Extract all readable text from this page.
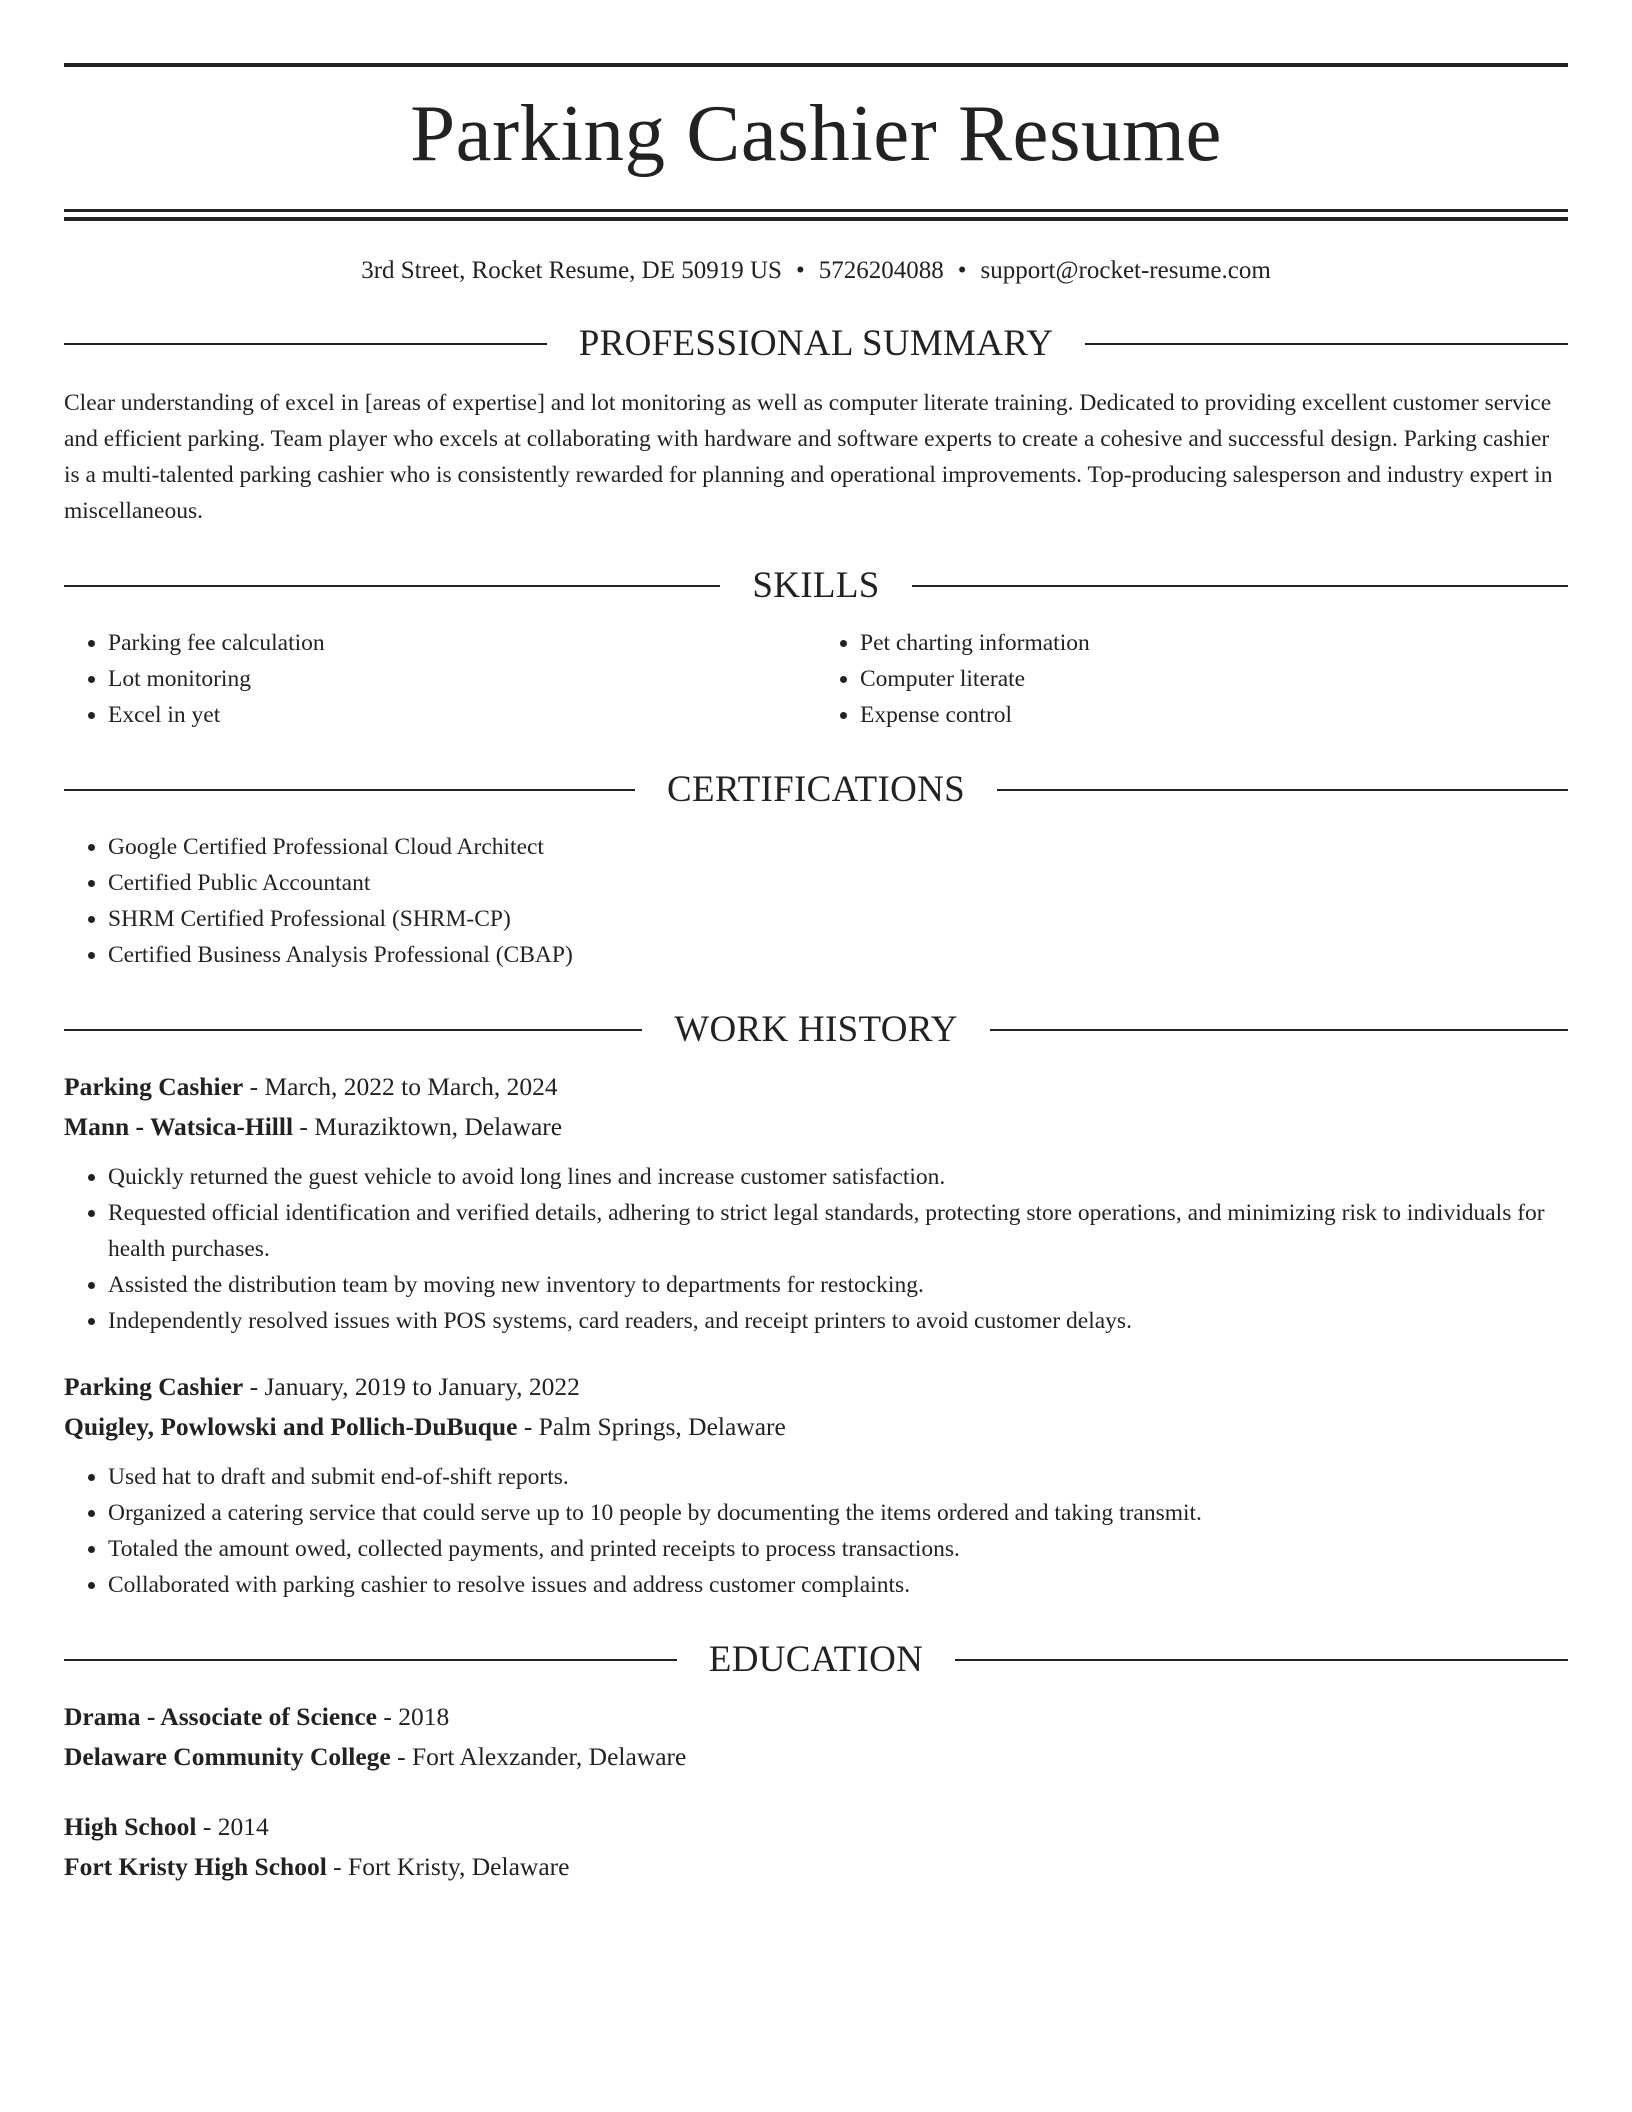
Parking Cashier Resume
3rd Street, Rocket Resume, DE 50919 US • 5726204088 • support@rocket-resume.com
PROFESSIONAL SUMMARY
Clear understanding of excel in [areas of expertise] and lot monitoring as well as computer literate training. Dedicated to providing excellent customer service and efficient parking. Team player who excels at collaborating with hardware and software experts to create a cohesive and successful design. Parking cashier is a multi-talented parking cashier who is consistently rewarded for planning and operational improvements. Top-producing salesperson and industry expert in miscellaneous.
SKILLS
• Parking fee calculation
• Lot monitoring
• Excel in yet
• Pet charting information
• Computer literate
• Expense control
CERTIFICATIONS
• Google Certified Professional Cloud Architect
• Certified Public Accountant
• SHRM Certified Professional (SHRM-CP)
• Certified Business Analysis Professional (CBAP)
WORK HISTORY
Parking Cashier - March, 2022 to March, 2024
Mann - Watsica-Hilll - Muraziktown, Delaware
• Quickly returned the guest vehicle to avoid long lines and increase customer satisfaction.
• Requested official identification and verified details, adhering to strict legal standards, protecting store operations, and minimizing risk to individuals for health purchases.
• Assisted the distribution team by moving new inventory to departments for restocking.
• Independently resolved issues with POS systems, card readers, and receipt printers to avoid customer delays.
Parking Cashier - January, 2019 to January, 2022
Quigley, Powlowski and Pollich-DuBuque - Palm Springs, Delaware
• Used hat to draft and submit end-of-shift reports.
• Organized a catering service that could serve up to 10 people by documenting the items ordered and taking transmit.
• Totaled the amount owed, collected payments, and printed receipts to process transactions.
• Collaborated with parking cashier to resolve issues and address customer complaints.
EDUCATION
Drama - Associate of Science - 2018
Delaware Community College - Fort Alexzander, Delaware
High School - 2014
Fort Kristy High School - Fort Kristy, Delaware
